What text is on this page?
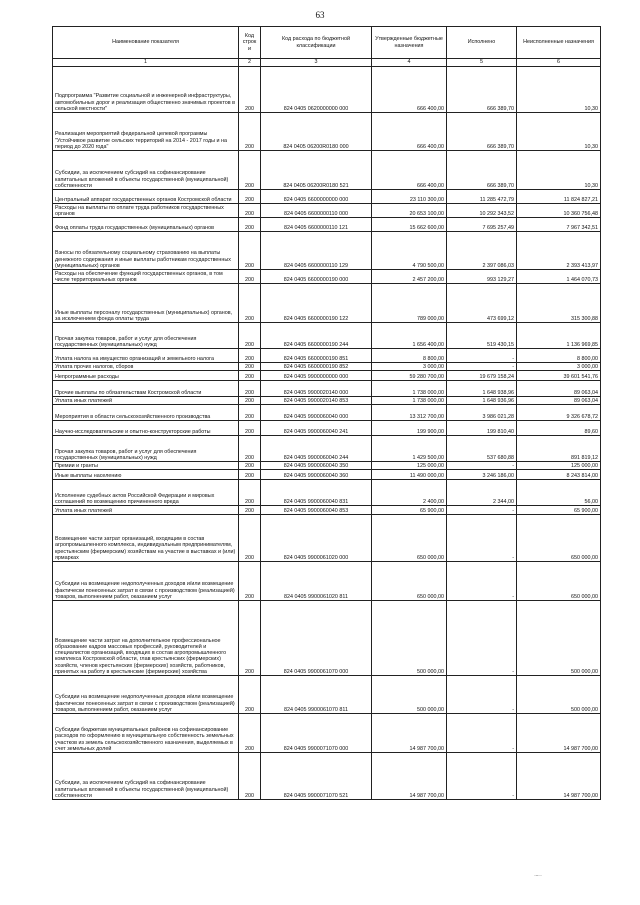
63
Наименование показателя	Код строк и	Код расхода по бюджетной классификации	Утвержденные бюджетные назначения	Исполнено	Неисполненные назначения
1	2	3	4	5	6
Подпрограмма "Развитие социальной и инженерной инфраструктуры, автомобильных дорог и реализация общественно значимых проектов в сельской местности"	200	824 0405 0620000000 000	666 400,00	666 389,70	10,30
Реализация мероприятий федеральной целевой программы "Устойчивое развитие сельских территорий на 2014 - 2017 годы и на период до 2020 года"	200	824 0405 06200R0180 000	666 400,00	666 389,70	10,30
Субсидии, за исключением субсидий на софинансирование капитальных вложений в объекты государственной (муниципальной) собственности	200	824 0405 06200R0180 521	666 400,00	666 389,70	10,30
Центральный аппарат государственных органов Костромской области	200	824 0405 6600000000 000	23 110 300,00	11 285 472,79	11 824 827,21
Расходы на выплаты по оплате труда работников государственных органов	200	824 0405 6600000110 000	20 653 100,00	10 292 343,52	10 360 756,48
Фонд оплаты труда государственных (муниципальных) органов	200	824 0405 6600000110 121	15 662 600,00	7 695 257,49	7 967 342,51
Взносы по обязательному социальному страхованию на выплаты денежного содержания и иные выплаты работникам государственных (муниципальных) органов	200	824 0405 6600000110 129	4 790 500,00	2 397 086,03	2 393 413,97
Расходы на обеспечение функций государственных органов, в том числе территориальных органов	200	824 0405 6600000190 000	2 457 200,00	993 129,27	1 464 070,73
Иные выплаты персоналу государственных (муниципальных) органов, за исключением фонда оплаты труда	200	824 0405 6600000190 122	789 000,00	473 699,12	315 300,88
Прочая закупка товаров, работ и услуг для обеспечения государственных (муниципальных) нужд	200	824 0405 6600000190 244	1 656 400,00	519 430,15	1 136 969,85
Уплата налога на имущество организаций и земельного налога	200	824 0405 6600000190 851	8 800,00	-	8 800,00
Уплата прочих налогов, сборов	200	824 0405 6600000190 852	3 000,00	-	3 000,00
Непрограммные расходы	200	824 0405 9900000000 000	59 280 700,00	19 679 158,24	39 601 541,76
Прочие выплаты по обязательствам Костромской области	200	824 0405 9900020140 000	1 738 000,00	1 648 938,96	89 063,04
Уплата иных платежей	200	824 0405 9900020140 853	1 738 000,00	1 648 936,96	89 063,04
Мероприятия в области сельскохозяйственного производства	200	824 0405 9900060040 000	13 312 700,00	3 986 021,28	9 326 678,72
Научно-исследовательские и опытно-конструкторские работы	200	824 0405 9900060040 241	199 900,00	199 810,40	89,60
Прочая закупка товаров, работ и услуг для обеспечения государственных (муниципальных) нужд	200	824 0405 9900060040 244	1 429 500,00	537 680,88	891 819,12
Премии и гранты	200	824 0405 9900060040 350	125 000,00	-	125 000,00
Иные выплаты населению	200	824 0405 9900060040 360	11 490 000,00	3 246 186,00	8 243 814,00
Исполнение судебных актов Российской Федерации и мировых соглашений по возмещению причиненного вреда	200	824 0405 9900060040 831	2 400,00	2 344,00	56,00
Уплата иных платежей	200	824 0405 9900060040 853	65 900,00	-	65 900,00
Возмещение части затрат организаций, входящим в состав агропромышленного комплекса, индивидуальным предпринимателям, крестьянским (фермерским) хозяйствам на участие в выставках и (или) ярмарках	200	824 0405 9900061020 000	650 000,00	-	650 000,00
Субсидии на возмещение недополученных доходов и/или возмещение фактически понесенных затрат в связи с производством (реализацией) товаров, выполнением работ, оказанием услуг	200	824 0405 9900061020 811	650 000,00	-	650 000,00
Возмещение части затрат на дополнительное профессиональное образование кадров массовых профессий, руководителей и специалистов организаций, входящих в состав агропромышленного комплекса Костромской области, глав крестьянских (фермерских) хозяйств, членов крестьянских (фермерских) хозяйств, работников, принятых на работу в крестьянские (фермерские) хозяйства	200	824 0405 9900061070 000	500 000,00	-	500 000,00
Субсидии на возмещение недополученных доходов и/или возмещение фактически понесенных затрат в связи с производством (реализацией) товаров, выполнением работ, оказанием услуг	200	824 0405 9900061070 811	500 000,00	-	500 000,00
Субсидии бюджетам муниципальных районов на софинансирование расходов по оформлению в муниципальную собственность земельных участков из земель сельскохозяйственного назначения, выделяемых в счет земельных долей	200	824 0405 9900071070 000	14 987 700,00	-	14 987 700,00
Субсидии, за исключением субсидий на софинансирование капитальных вложений в объекты государственной (муниципальной) собственности	200	824 0405 9900071070 521	14 987 700,00	-	14 987 700,00
·-··
